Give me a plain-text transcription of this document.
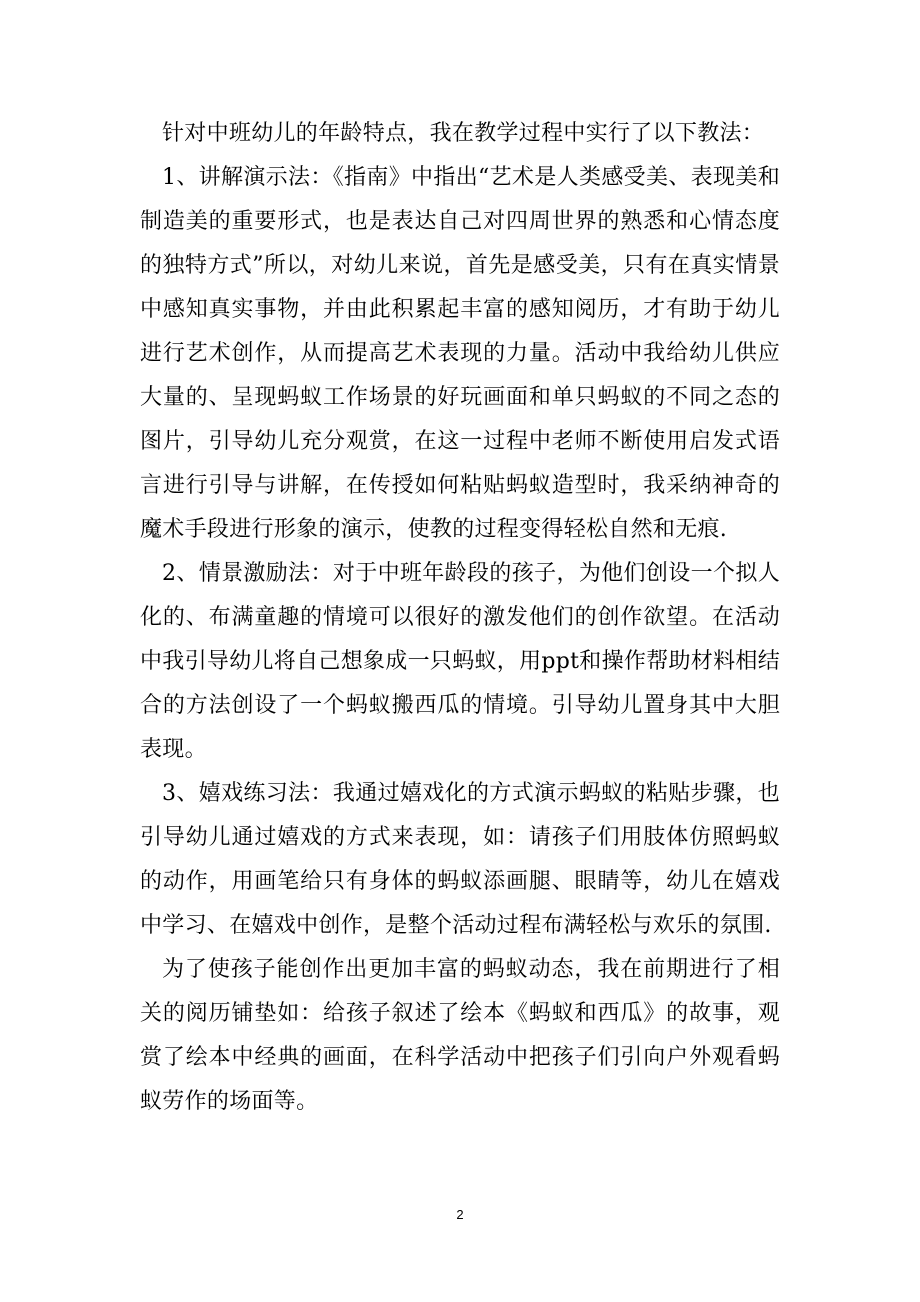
针对中班幼儿的年龄特点，我在教学过程中实行了以下教法：

1、讲解演示法：《指南》中指出“艺术是人类感受美、表现美和制造美的重要形式，也是表达自己对四周世界的熟悉和心情态度的独特方式”所以，对幼儿来说，首先是感受美，只有在真实情景中感知真实事物，并由此积累起丰富的感知阅历，才有助于幼儿进行艺术创作，从而提高艺术表现的力量。活动中我给幼儿供应大量的、呈现蚂蚁工作场景的好玩画面和单只蚂蚁的不同之态的图片，引导幼儿充分观赏，在这一过程中老师不断使用启发式语言进行引导与讲解，在传授如何粘贴蚂蚁造型时，我采纳神奇的魔术手段进行形象的演示，使教的过程变得轻松自然和无痕.

2、情景激励法：对于中班年龄段的孩子，为他们创设一个拟人化的、布满童趣的情境可以很好的激发他们的创作欲望。在活动中我引导幼儿将自己想象成一只蚂蚁，用ppt和操作帮助材料相结合的方法创设了一个蚂蚁搬西瓜的情境。引导幼儿置身其中大胆表现。

3、嬉戏练习法：我通过嬉戏化的方式演示蚂蚁的粘贴步骤，也引导幼儿通过嬉戏的方式来表现，如：请孩子们用肢体仿照蚂蚁的动作，用画笔给只有身体的蚂蚁添画腿、眼睛等，幼儿在嬉戏中学习、在嬉戏中创作，是整个活动过程布满轻松与欢乐的氛围.

为了使孩子能创作出更加丰富的蚂蚁动态，我在前期进行了相关的阅历铺垫如：给孩子叙述了绘本《蚂蚁和西瓜》的故事，观赏了绘本中经典的画面，在科学活动中把孩子们引向户外观看蚂蚁劳作的场面等。

2
